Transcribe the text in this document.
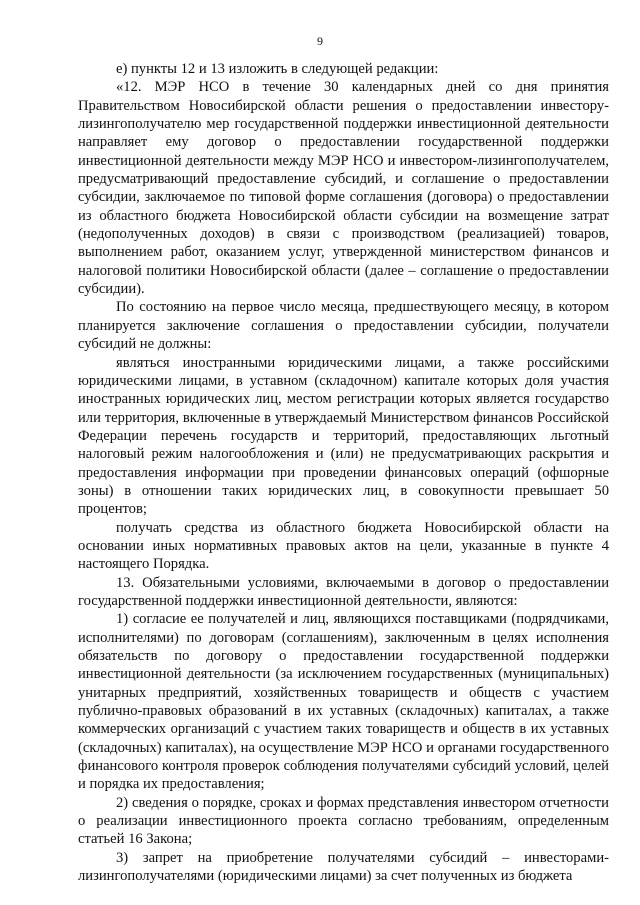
9

е) пункты 12 и 13 изложить в следующей редакции:

«12. МЭР НСО в течение 30 календарных дней со дня принятия Правительством Новосибирской области решения о предоставлении инвестору-лизингополучателю мер государственной поддержки инвестиционной деятельности направляет ему договор о предоставлении государственной поддержки инвестиционной деятельности между МЭР НСО и инвестором-лизингополучателем, предусматривающий предоставление субсидий, и соглашение о предоставлении субсидии, заключаемое по типовой форме соглашения (договора) о предоставлении из областного бюджета Новосибирской области субсидии на возмещение затрат (недополученных доходов) в связи с производством (реализацией) товаров, выполнением работ, оказанием услуг, утвержденной министерством финансов и налоговой политики Новосибирской области (далее – соглашение о предоставлении субсидии).

По состоянию на первое число месяца, предшествующего месяцу, в котором планируется заключение соглашения о предоставлении субсидии, получатели субсидий не должны:

являться иностранными юридическими лицами, а также российскими юридическими лицами, в уставном (складочном) капитале которых доля участия иностранных юридических лиц, местом регистрации которых является государство или территория, включенные в утверждаемый Министерством финансов Российской Федерации перечень государств и территорий, предоставляющих льготный налоговый режим налогообложения и (или) не предусматривающих раскрытия и предоставления информации при проведении финансовых операций (офшорные зоны) в отношении таких юридических лиц, в совокупности превышает 50 процентов;

получать средства из областного бюджета Новосибирской области на основании иных нормативных правовых актов на цели, указанные в пункте 4 настоящего Порядка.

13. Обязательными условиями, включаемыми в договор о предоставлении государственной поддержки инвестиционной деятельности, являются:

1) согласие ее получателей и лиц, являющихся поставщиками (подрядчиками, исполнителями) по договорам (соглашениям), заключенным в целях исполнения обязательств по договору о предоставлении государственной поддержки инвестиционной деятельности (за исключением государственных (муниципальных) унитарных предприятий, хозяйственных товариществ и обществ с участием публично-правовых образований в их уставных (складочных) капиталах, а также коммерческих организаций с участием таких товариществ и обществ в их уставных (складочных) капиталах), на осуществление МЭР НСО и органами государственного финансового контроля проверок соблюдения получателями субсидий условий, целей и порядка их предоставления;

2) сведения о порядке, сроках и формах представления инвестором отчетности о реализации инвестиционного проекта согласно требованиям, определенным статьей 16 Закона;

3) запрет на приобретение получателями субсидий – инвесторами-лизингополучателями (юридическими лицами) за счет полученных из бюджета
